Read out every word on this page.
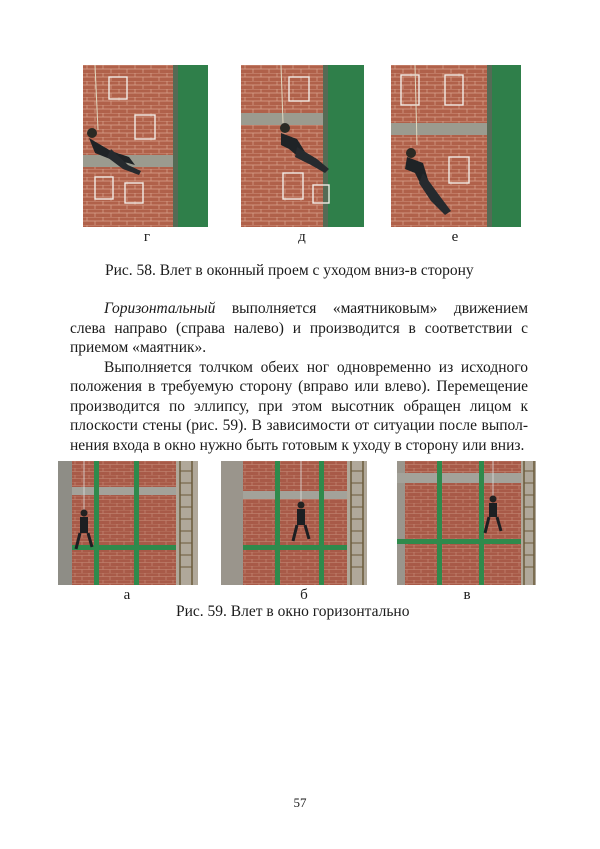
г	д	е
Рис. 58. Влет в оконный проем с уходом вниз-в сторону

Горизонтальный выполняется «маятниковым» движением слева направо (справа налево) и производится в соответствии с приемом «маятник».

Выполняется толчком обеих ног одновременно из исходного положения в требуемую сторону (вправо или влево). Перемещение производится по эллипсу, при этом высотник обращен лицом к плоскости стены (рис. 59). В зависимости от ситуации после выпол-нения входа в окно нужно быть готовым к уходу в сторону или вниз.

а	б	в
Рис. 59. Влет в окно горизонтально
57
